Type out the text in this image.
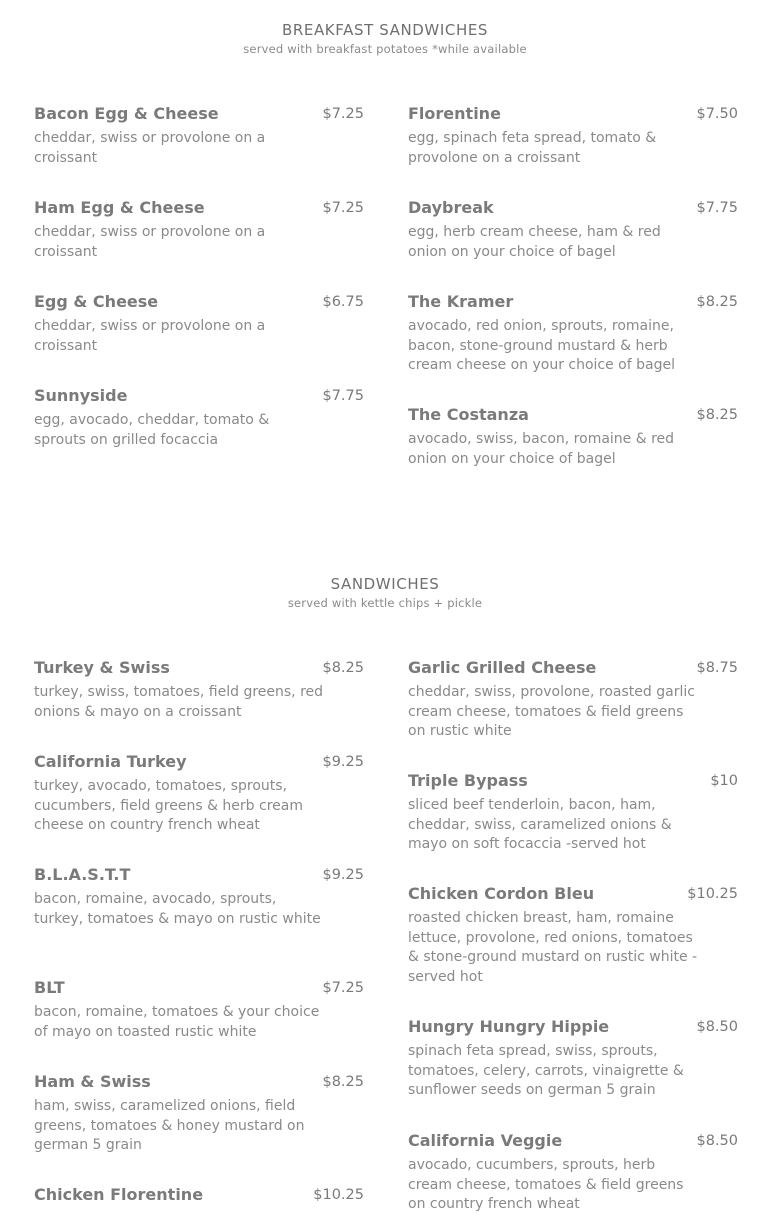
BREAKFAST SANDWICHES
served with breakfast potatoes *while available
Bacon Egg & Cheese	$7.25
cheddar, swiss or provolone on a croissant
Ham Egg & Cheese	$7.25
cheddar, swiss or provolone on a croissant
Egg & Cheese	$6.75
cheddar, swiss or provolone on a croissant
Sunnyside	$7.75
egg, avocado, cheddar, tomato & sprouts on grilled focaccia
Florentine	$7.50
egg, spinach feta spread, tomato & provolone on a croissant
Daybreak	$7.75
egg, herb cream cheese, ham & red onion on your choice of bagel
The Kramer	$8.25
avocado, red onion, sprouts, romaine, bacon, stone-ground mustard & herb cream cheese on your choice of bagel
The Costanza	$8.25
avocado, swiss, bacon, romaine & red onion on your choice of bagel
SANDWICHES
served with kettle chips + pickle
Turkey & Swiss	$8.25
turkey, swiss, tomatoes, field greens, red onions & mayo on a croissant
California Turkey	$9.25
turkey, avocado, tomatoes, sprouts, cucumbers, field greens & herb cream cheese on country french wheat
B.L.A.S.T.T	$9.25
bacon, romaine, avocado, sprouts, turkey, tomatoes & mayo on rustic white
BLT	$7.25
bacon, romaine, tomatoes & your choice of mayo on toasted rustic white
Ham & Swiss	$8.25
ham, swiss, caramelized onions, field greens, tomatoes & honey mustard on german 5 grain
Chicken Florentine	$10.25
Garlic Grilled Cheese	$8.75
cheddar, swiss, provolone, roasted garlic cream cheese, tomatoes & field greens on rustic white
Triple Bypass	$10
sliced beef tenderloin, bacon, ham, cheddar, swiss, caramelized onions & mayo on soft focaccia -served hot
Chicken Cordon Bleu	$10.25
roasted chicken breast, ham, romaine lettuce, provolone, red onions, tomatoes & stone-ground mustard on rustic white -served hot
Hungry Hungry Hippie	$8.50
spinach feta spread, swiss, sprouts, tomatoes, celery, carrots, vinaigrette & sunflower seeds on german 5 grain
California Veggie	$8.50
avocado, cucumbers, sprouts, herb cream cheese, tomatoes & field greens on country french wheat
